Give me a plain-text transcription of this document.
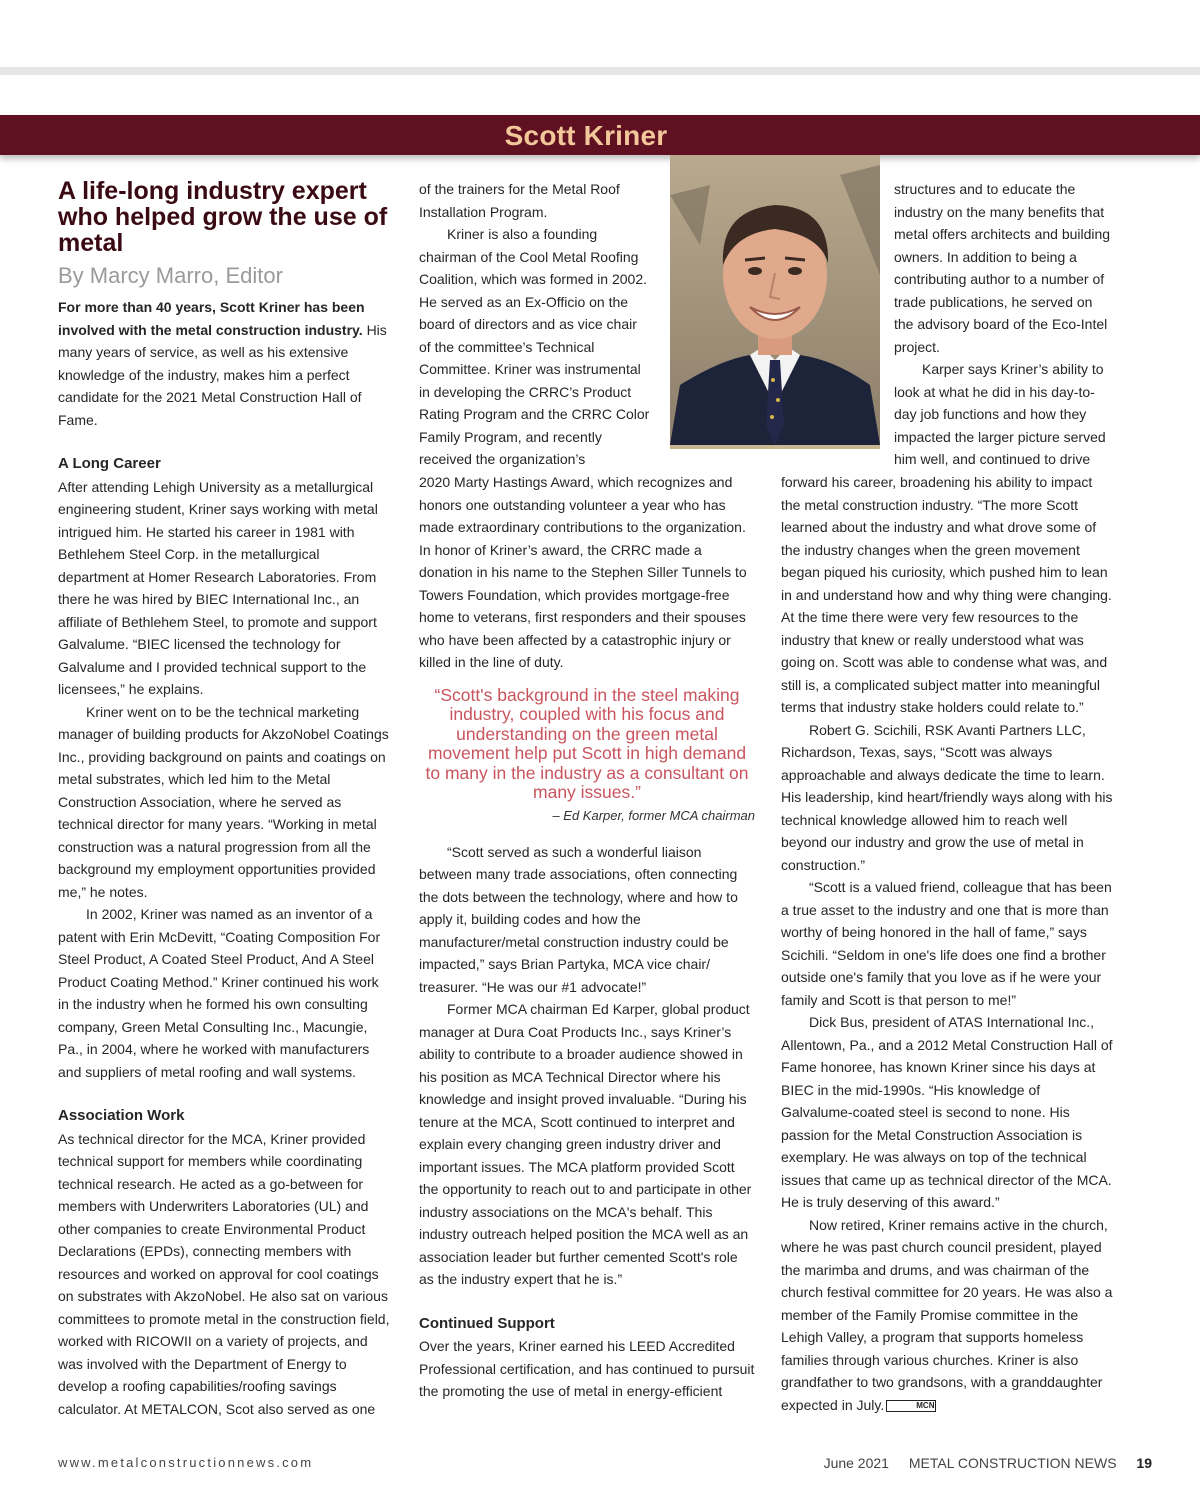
Scott Kriner
A life-long industry expert who helped grow the use of metal
By Marcy Marro, Editor

For more than 40 years, Scott Kriner has been involved with the metal construction industry. His many years of service, as well as his extensive knowledge of the industry, makes him a perfect candidate for the 2021 Metal Construction Hall of Fame.

A Long Career

After attending Lehigh University as a metallurgical engineering student, Kriner says working with metal intrigued him. He started his career in 1981 with Bethlehem Steel Corp. in the metallurgical department at Homer Research Laboratories. From there he was hired by BIEC International Inc., an affiliate of Bethlehem Steel, to promote and support Galvalume. “BIEC licensed the technology for Galvalume and I provided technical support to the licensees,” he explains.

Kriner went on to be the technical marketing manager of building products for AkzoNobel Coatings Inc., providing background on paints and coatings on metal substrates, which led him to the Metal Construction Association, where he served as technical director for many years. “Working in metal construction was a natural progression from all the background my employment opportunities provided me,” he notes.

In 2002, Kriner was named as an inventor of a patent with Erin McDevitt, “Coating Composition For Steel Product, A Coated Steel Product, And A Steel Product Coating Method.” Kriner continued his work in the industry when he formed his own consulting company, Green Metal Consulting Inc., Macungie, Pa., in 2004, where he worked with manufacturers and suppliers of metal roofing and wall systems.

Association Work

As technical director for the MCA, Kriner provided technical support for members while coordinating technical research. He acted as a go-between for members with Underwriters Laboratories (UL) and other companies to create Environmental Product Declarations (EPDs), connecting members with resources and worked on approval for cool coatings on substrates with AkzoNobel. He also sat on various committees to promote metal in the construction field, worked with RICOWII on a variety of projects, and was involved with the Department of Energy to develop a roofing capabilities/roofing savings calculator. At METALCON, Scot also served as one

of the trainers for the Metal Roof Installation Program.

Kriner is also a founding chairman of the Cool Metal Roofing Coalition, which was formed in 2002. He served as an Ex-Officio on the board of directors and as vice chair of the committee’s Technical Committee. Kriner was instrumental in developing the CRRC’s Product Rating Program and the CRRC Color Family Program, and recently received the organization’s

2020 Marty Hastings Award, which recognizes and honors one outstanding volunteer a year who has made extraordinary contributions to the organization. In honor of Kriner’s award, the CRRC made a donation in his name to the Stephen Siller Tunnels to Towers Foundation, which provides mortgage-free home to veterans, first responders and their spouses who have been affected by a catastrophic injury or killed in the line of duty.

“Scott's background in the steel making industry, coupled with his focus and understanding on the green metal movement help put Scott in high demand to many in the industry as a consultant on many issues.”
– Ed Karper, former MCA chairman

“Scott served as such a wonderful liaison between many trade associations, often connecting the dots between the technology, where and how to apply it, building codes and how the manufacturer/metal construction industry could be impacted,” says Brian Partyka, MCA vice chair/ treasurer. “He was our #1 advocate!”

Former MCA chairman Ed Karper, global product manager at Dura Coat Products Inc., says Kriner’s ability to contribute to a broader audience showed in his position as MCA Technical Director where his knowledge and insight proved invaluable. “During his tenure at the MCA, Scott continued to interpret and explain every changing green industry driver and important issues. The MCA platform provided Scott the opportunity to reach out to and participate in other industry associations on the MCA's behalf. This industry outreach helped position the MCA well as an association leader but further cemented Scott's role as the industry expert that he is.”

Continued Support

Over the years, Kriner earned his LEED Accredited Professional certification, and has continued to pursuit the promoting the use of metal in energy-efficient

structures and to educate the industry on the many benefits that metal offers architects and building owners. In addition to being a contributing author to a number of trade publications, he served on the advisory board of the Eco-Intel project.

Karper says Kriner’s ability to look at what he did in his day-to-day job functions and how they impacted the larger picture served him well, and continued to drive

forward his career, broadening his ability to impact the metal construction industry. “The more Scott learned about the industry and what drove some of the industry changes when the green movement began piqued his curiosity, which pushed him to lean in and understand how and why thing were changing. At the time there were very few resources to the industry that knew or really understood what was going on. Scott was able to condense what was, and still is, a complicated subject matter into meaningful terms that industry stake holders could relate to.”

Robert G. Scichili, RSK Avanti Partners LLC, Richardson, Texas, says, “Scott was always approachable and always dedicate the time to learn. His leadership, kind heart/friendly ways along with his technical knowledge allowed him to reach well beyond our industry and grow the use of metal in construction.”

“Scott is a valued friend, colleague that has been a true asset to the industry and one that is more than worthy of being honored in the hall of fame,” says Scichili. “Seldom in one's life does one find a brother outside one's family that you love as if he were your family and Scott is that person to me!”

Dick Bus, president of ATAS International Inc., Allentown, Pa., and a 2012 Metal Construction Hall of Fame honoree, has known Kriner since his days at BIEC in the mid-1990s. “His knowledge of Galvalume-coated steel is second to none. His passion for the Metal Construction Association is exemplary. He was always on top of the technical issues that came up as technical director of the MCA. He is truly deserving of this award.”

Now retired, Kriner remains active in the church, where he was past church council president, played the marimba and drums, and was chairman of the church festival committee for 20 years. He was also a member of the Family Promise committee in the Lehigh Valley, a program that supports homeless families through various churches. Kriner is also grandfather to two grandsons, with a granddaughter expected in July.	MCN

www.metalconstructionnews.com	June 2021 METAL CONSTRUCTION NEWS 19
